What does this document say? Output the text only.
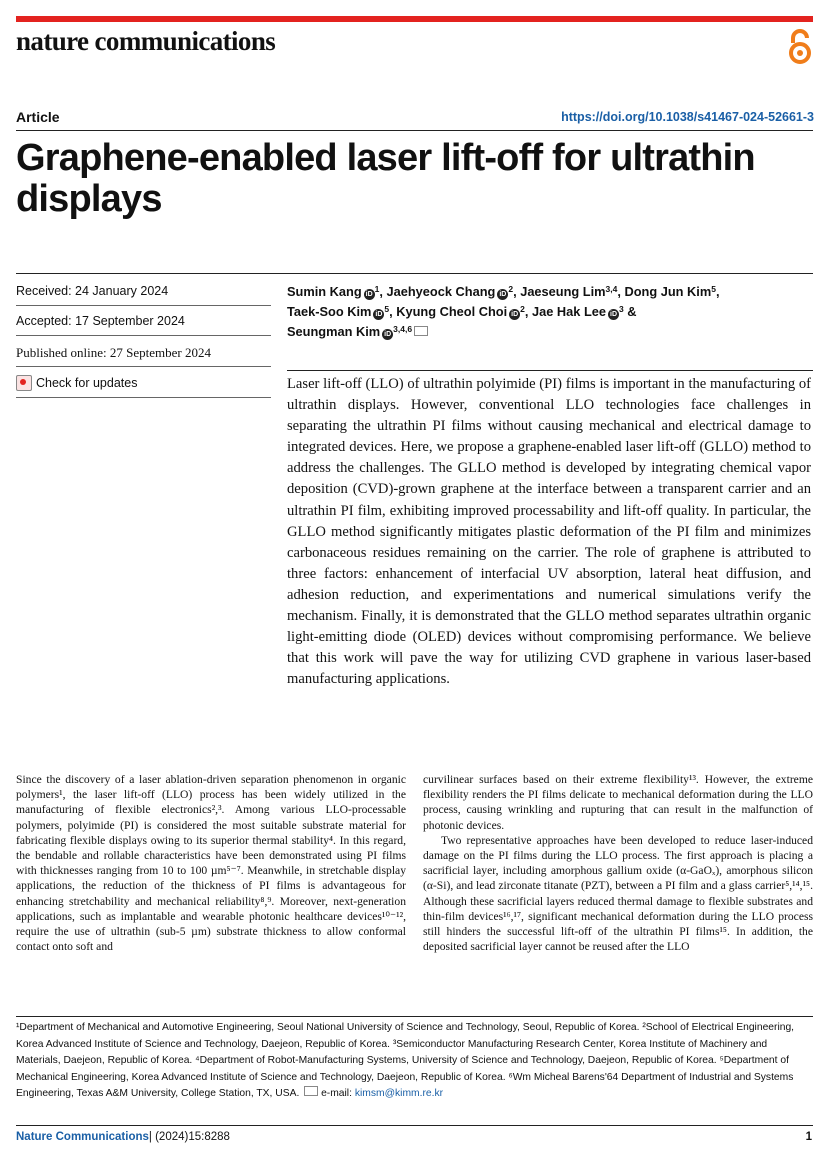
nature communications
Article	https://doi.org/10.1038/s41467-024-52661-3
Graphene-enabled laser lift-off for ultrathin displays
Received: 24 January 2024
Accepted: 17 September 2024
Published online: 27 September 2024
Check for updates
Sumin Kang $iD^1$, Jaehyeock Chang $iD^2$, Jaeseung Lim$^{3,4}$, Dong Jun Kim$^5$,
Taek-Soo Kim $iD^5$, Kyung Cheol Choi $iD^2$, Jae Hak Lee $iD^3$ &
Seungman Kim iD$^{3,4,6}$

Laser lift-off (LLO) of ultrathin polyimide (PI) films is important in the manufacturing of ultrathin displays. However, conventional LLO technologies face challenges in separating the ultrathin PI films without causing mechanical and electrical damage to integrated devices. Here, we propose a graphene-enabled laser lift-off (GLLO) method to address the challenges. The GLLO method is developed by integrating chemical vapor deposition (CVD)-grown graphene at the interface between a transparent carrier and an ultrathin PI film, exhibiting improved processability and lift-off quality. In particular, the GLLO method significantly mitigates plastic deformation of the PI film and minimizes carbonaceous residues remaining on the carrier. The role of graphene is attributed to three factors: enhancement of interfacial UV absorption, lateral heat diffusion, and adhesion reduction, and experimentations and numerical simulations verify the mechanism. Finally, it is demonstrated that the GLLO method separates ultrathin organic light-emitting diode (OLED) devices without compromising performance. We believe that this work will pave the way for utilizing CVD graphene in various laser-based manufacturing applications.

Since the discovery of a laser ablation-driven separation phenomenon in organic polymers¹, the laser lift-off (LLO) process has been widely utilized in the manufacturing of flexible electronics²,³. Among various LLO-processable polymers, polyimide (PI) is considered the most suitable substrate material for fabricating flexible displays owing to its superior thermal stability⁴. In this regard, the bendable and rollable characteristics have been demonstrated using PI films with thicknesses ranging from 10 to 100 µm⁵⁻⁷. Meanwhile, in stretchable display applications, the reduction of the thickness of PI films is advantageous for enhancing stretchability and mechanical reliability⁸,⁹. Moreover, next-generation applications, such as implantable and wearable photonic healthcare devices¹⁰⁻¹², require the use of ultrathin (sub-5 µm) substrate thickness to allow conformal contact onto soft and

curvilinear surfaces based on their extreme flexibility¹³. However, the extreme flexibility renders the PI films delicate to mechanical deformation during the LLO process, causing wrinkling and rupturing that can result in the malfunction of photonic devices.

Two representative approaches have been developed to reduce laser-induced damage on the PI films during the LLO process. The first approach is placing a sacrificial layer, including amorphous gallium oxide (α-GaOₓ), amorphous silicon (α-Si), and lead zirconate titanate (PZT), between a PI film and a glass carrier⁵,¹⁴,¹⁵. Although these sacrificial layers reduced thermal damage to flexible substrates and thin-film devices¹⁶,¹⁷, significant mechanical deformation during the LLO process still hinders the successful lift-off of the ultrathin PI films¹⁵. In addition, the deposited sacrificial layer cannot be reused after the LLO

¹Department of Mechanical and Automotive Engineering, Seoul National University of Science and Technology, Seoul, Republic of Korea. ²School of Electrical Engineering, Korea Advanced Institute of Science and Technology, Daejeon, Republic of Korea. ³Semiconductor Manufacturing Research Center, Korea Institute of Machinery and Materials, Daejeon, Republic of Korea. ⁴Department of Robot-Manufacturing Systems, University of Science and Technology, Daejeon, Republic of Korea. ⁵Department of Mechanical Engineering, Korea Advanced Institute of Science and Technology, Daejeon, Republic of Korea. ⁶Wm Micheal Barens'64 Department of Industrial and Systems Engineering, Texas A&M University, College Station, TX, USA. e-mail: kimsm@kimm.re.kr

Nature Communications| (2024)15:8288	1
